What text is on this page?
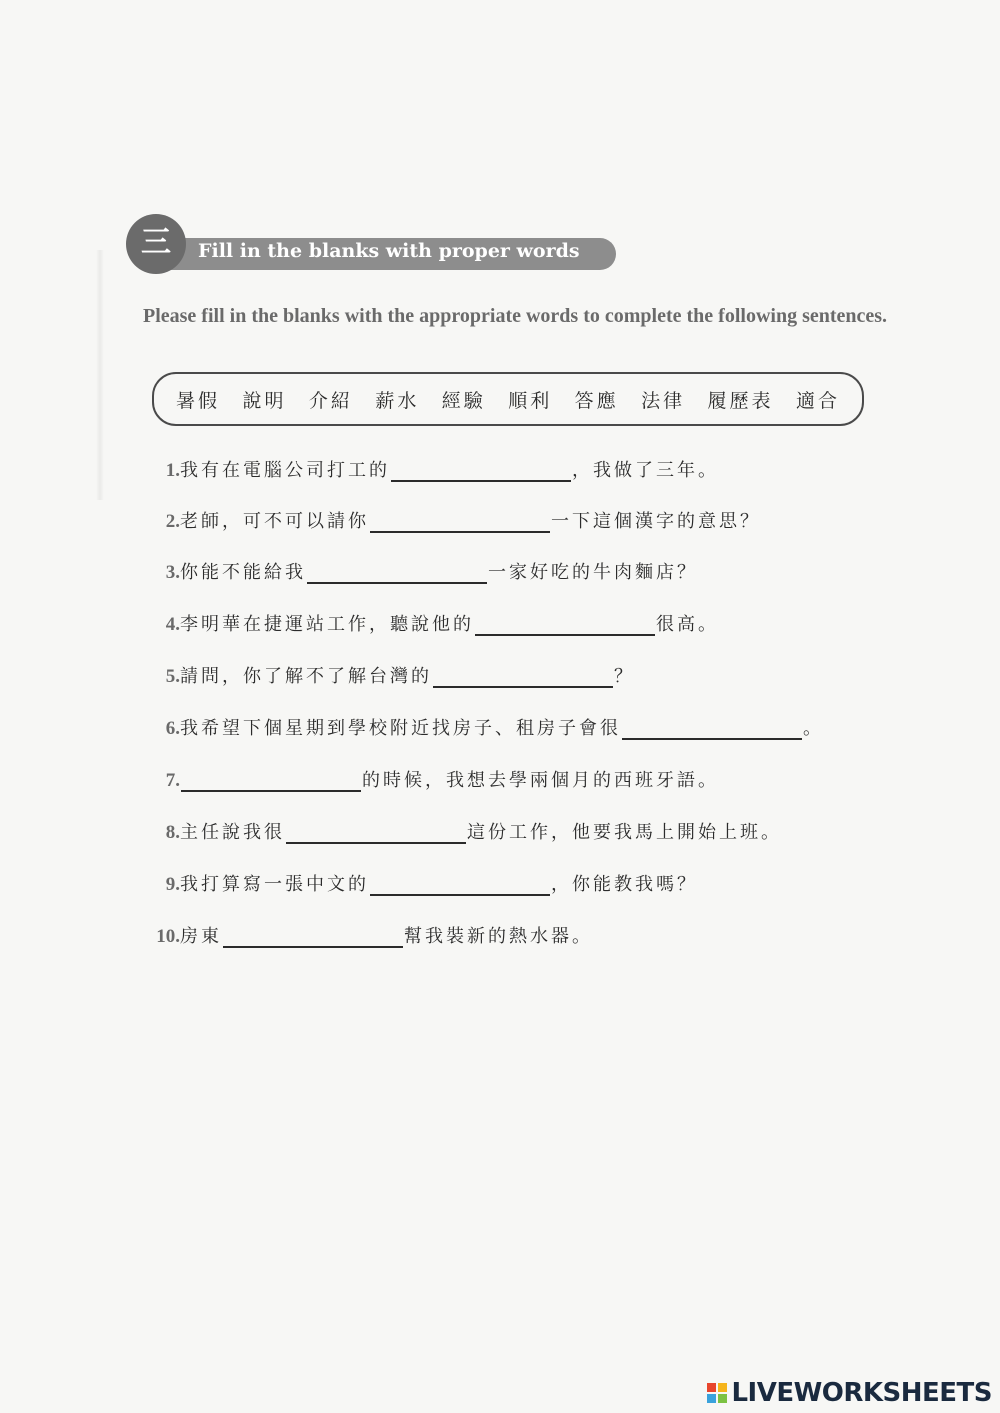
三	Fill in the blanks with proper words
Please fill in the blanks with the appropriate words to complete the following sentences.
暑假 說明 介紹 薪水 經驗 順利 答應 法律 履歷表 適合
1. 我有在電腦公司打工的	，我做了三年。
2. 老師，可不可以請你	一下這個漢字的意思？
3. 你能不能給我	一家好吃的牛肉麵店？
4. 李明華在捷運站工作，聽說他的	很高。
5. 請問，你了解不了解台灣的	？
6. 我希望下個星期到學校附近找房子、租房子會很	。
7.	的時候，我想去學兩個月的西班牙語。
8. 主任說我很	這份工作，他要我馬上開始上班。
9. 我打算寫一張中文的	，你能教我嗎？
10. 房東	幫我裝新的熱水器。
LIVEWORKSHEETS
